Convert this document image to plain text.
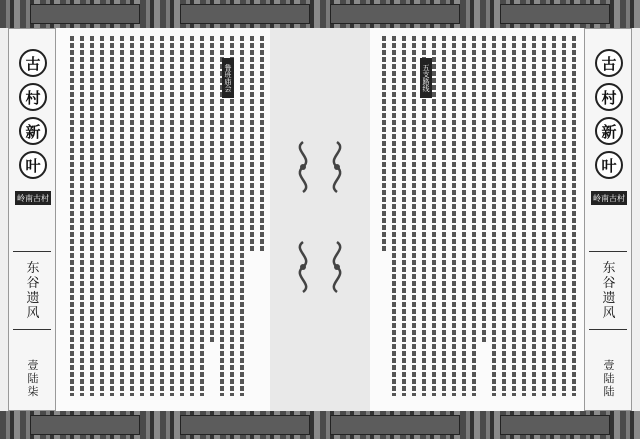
古
村
新
叶
岭南古村
东谷遗风
壹陆柒
古
村
新
叶
岭南古村
东谷遗风
壹陆陆
鲁班庙会	五支路线
